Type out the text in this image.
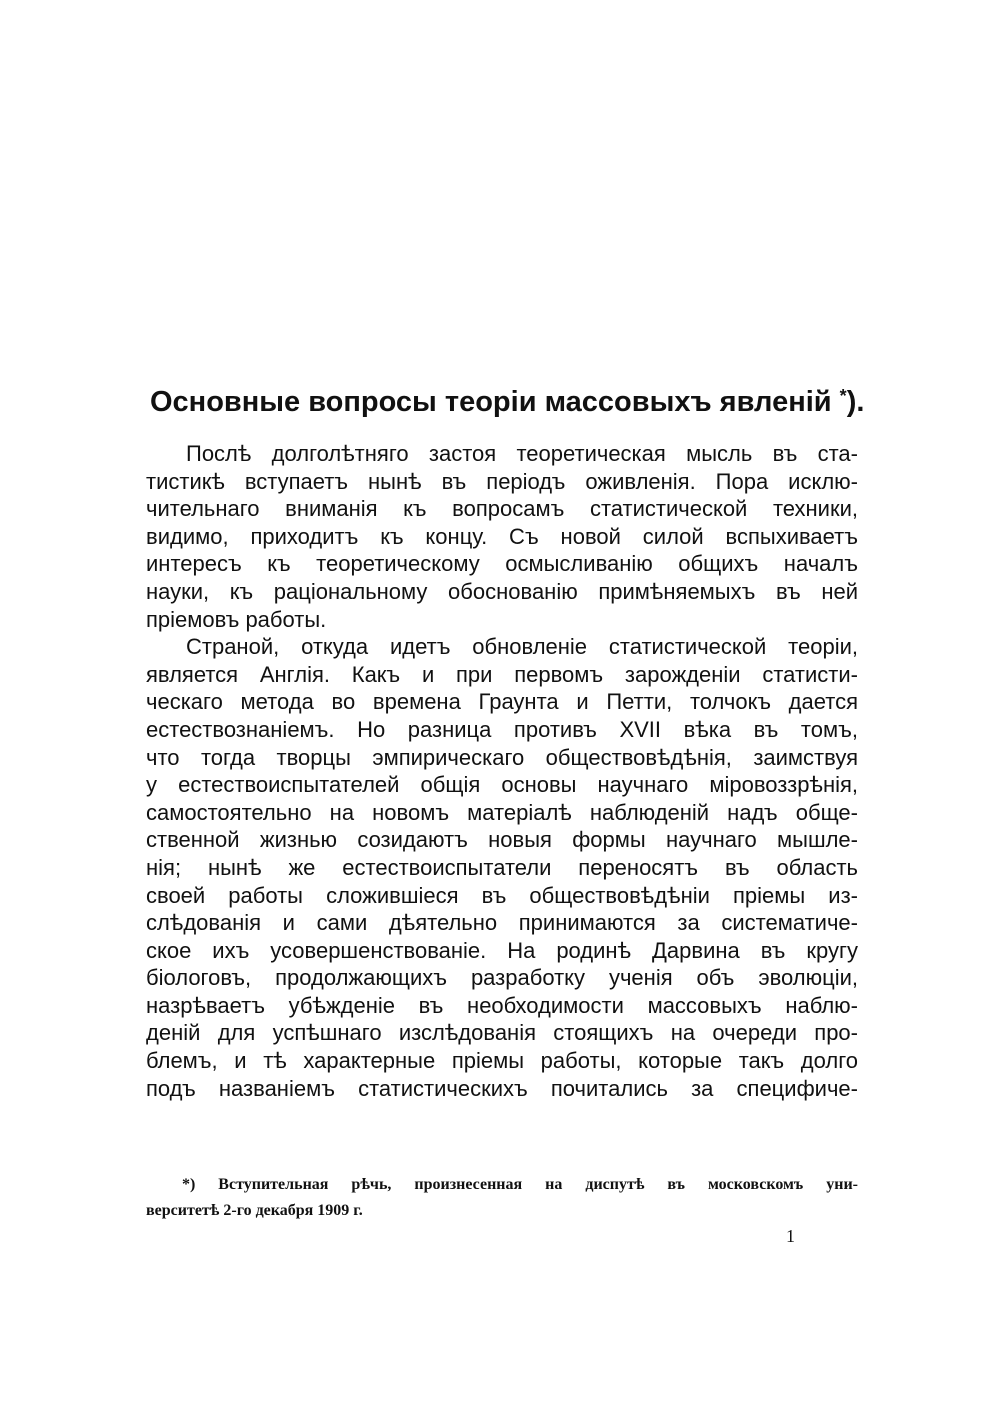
Основные вопросы теорiи массовыхъ явленiй *).
Послѣ долголѣтняго застоя теоретическая мысль въ ста-
тистикѣ вступаетъ нынѣ въ перiодъ оживленiя. Пора исклю-
чительнаго вниманiя къ вопросамъ статистической техники,
видимо, приходитъ къ концу. Съ новой силой вспыхиваетъ
интересъ къ теоретическому осмысливанiю общихъ началъ
науки, къ рацiональному обоснованiю примѣняемыхъ въ ней
прiемовъ работы.
Страной, откуда идетъ обновленiе статистической теорiи,
является Англiя. Какъ и при первомъ зарожденiи статисти-
ческаго метода во времена Граунта и Петти, толчокъ дается
естествознанiемъ. Но разница противъ XVII вѣка въ томъ,
что тогда творцы эмпирическаго обществовѣдѣнiя, заимствуя
у естествоиспытателей общiя основы научнаго мiровоззрѣнiя,
самостоятельно на новомъ матерiалѣ наблюденiй надъ обще-
ственной жизнью созидаютъ новыя формы научнаго мышле-
нiя; нынѣ же естествоиспытатели переносятъ въ область
своей работы сложившiеся въ обществовѣдѣнiи прiемы из-
слѣдованiя и сами дѣятельно принимаются за систематиче-
ское ихъ усовершенствованiе. На родинѣ Дарвина въ кругу
бiологовъ, продолжающихъ разработку ученiя объ эволюцiи,
назрѣваетъ убѣжденiе въ необходимости массовыхъ наблю-
денiй для успѣшнаго изслѣдованiя стоящихъ на очереди про-
блемъ, и тѣ характерные прiемы работы, которые такъ долго
подъ названiемъ статистическихъ почитались за специфиче-
*) Вступительная рѣчь, произнесенная на диспутѣ въ московскомъ уни-
верситетѣ 2-го декабря 1909 г.
1
